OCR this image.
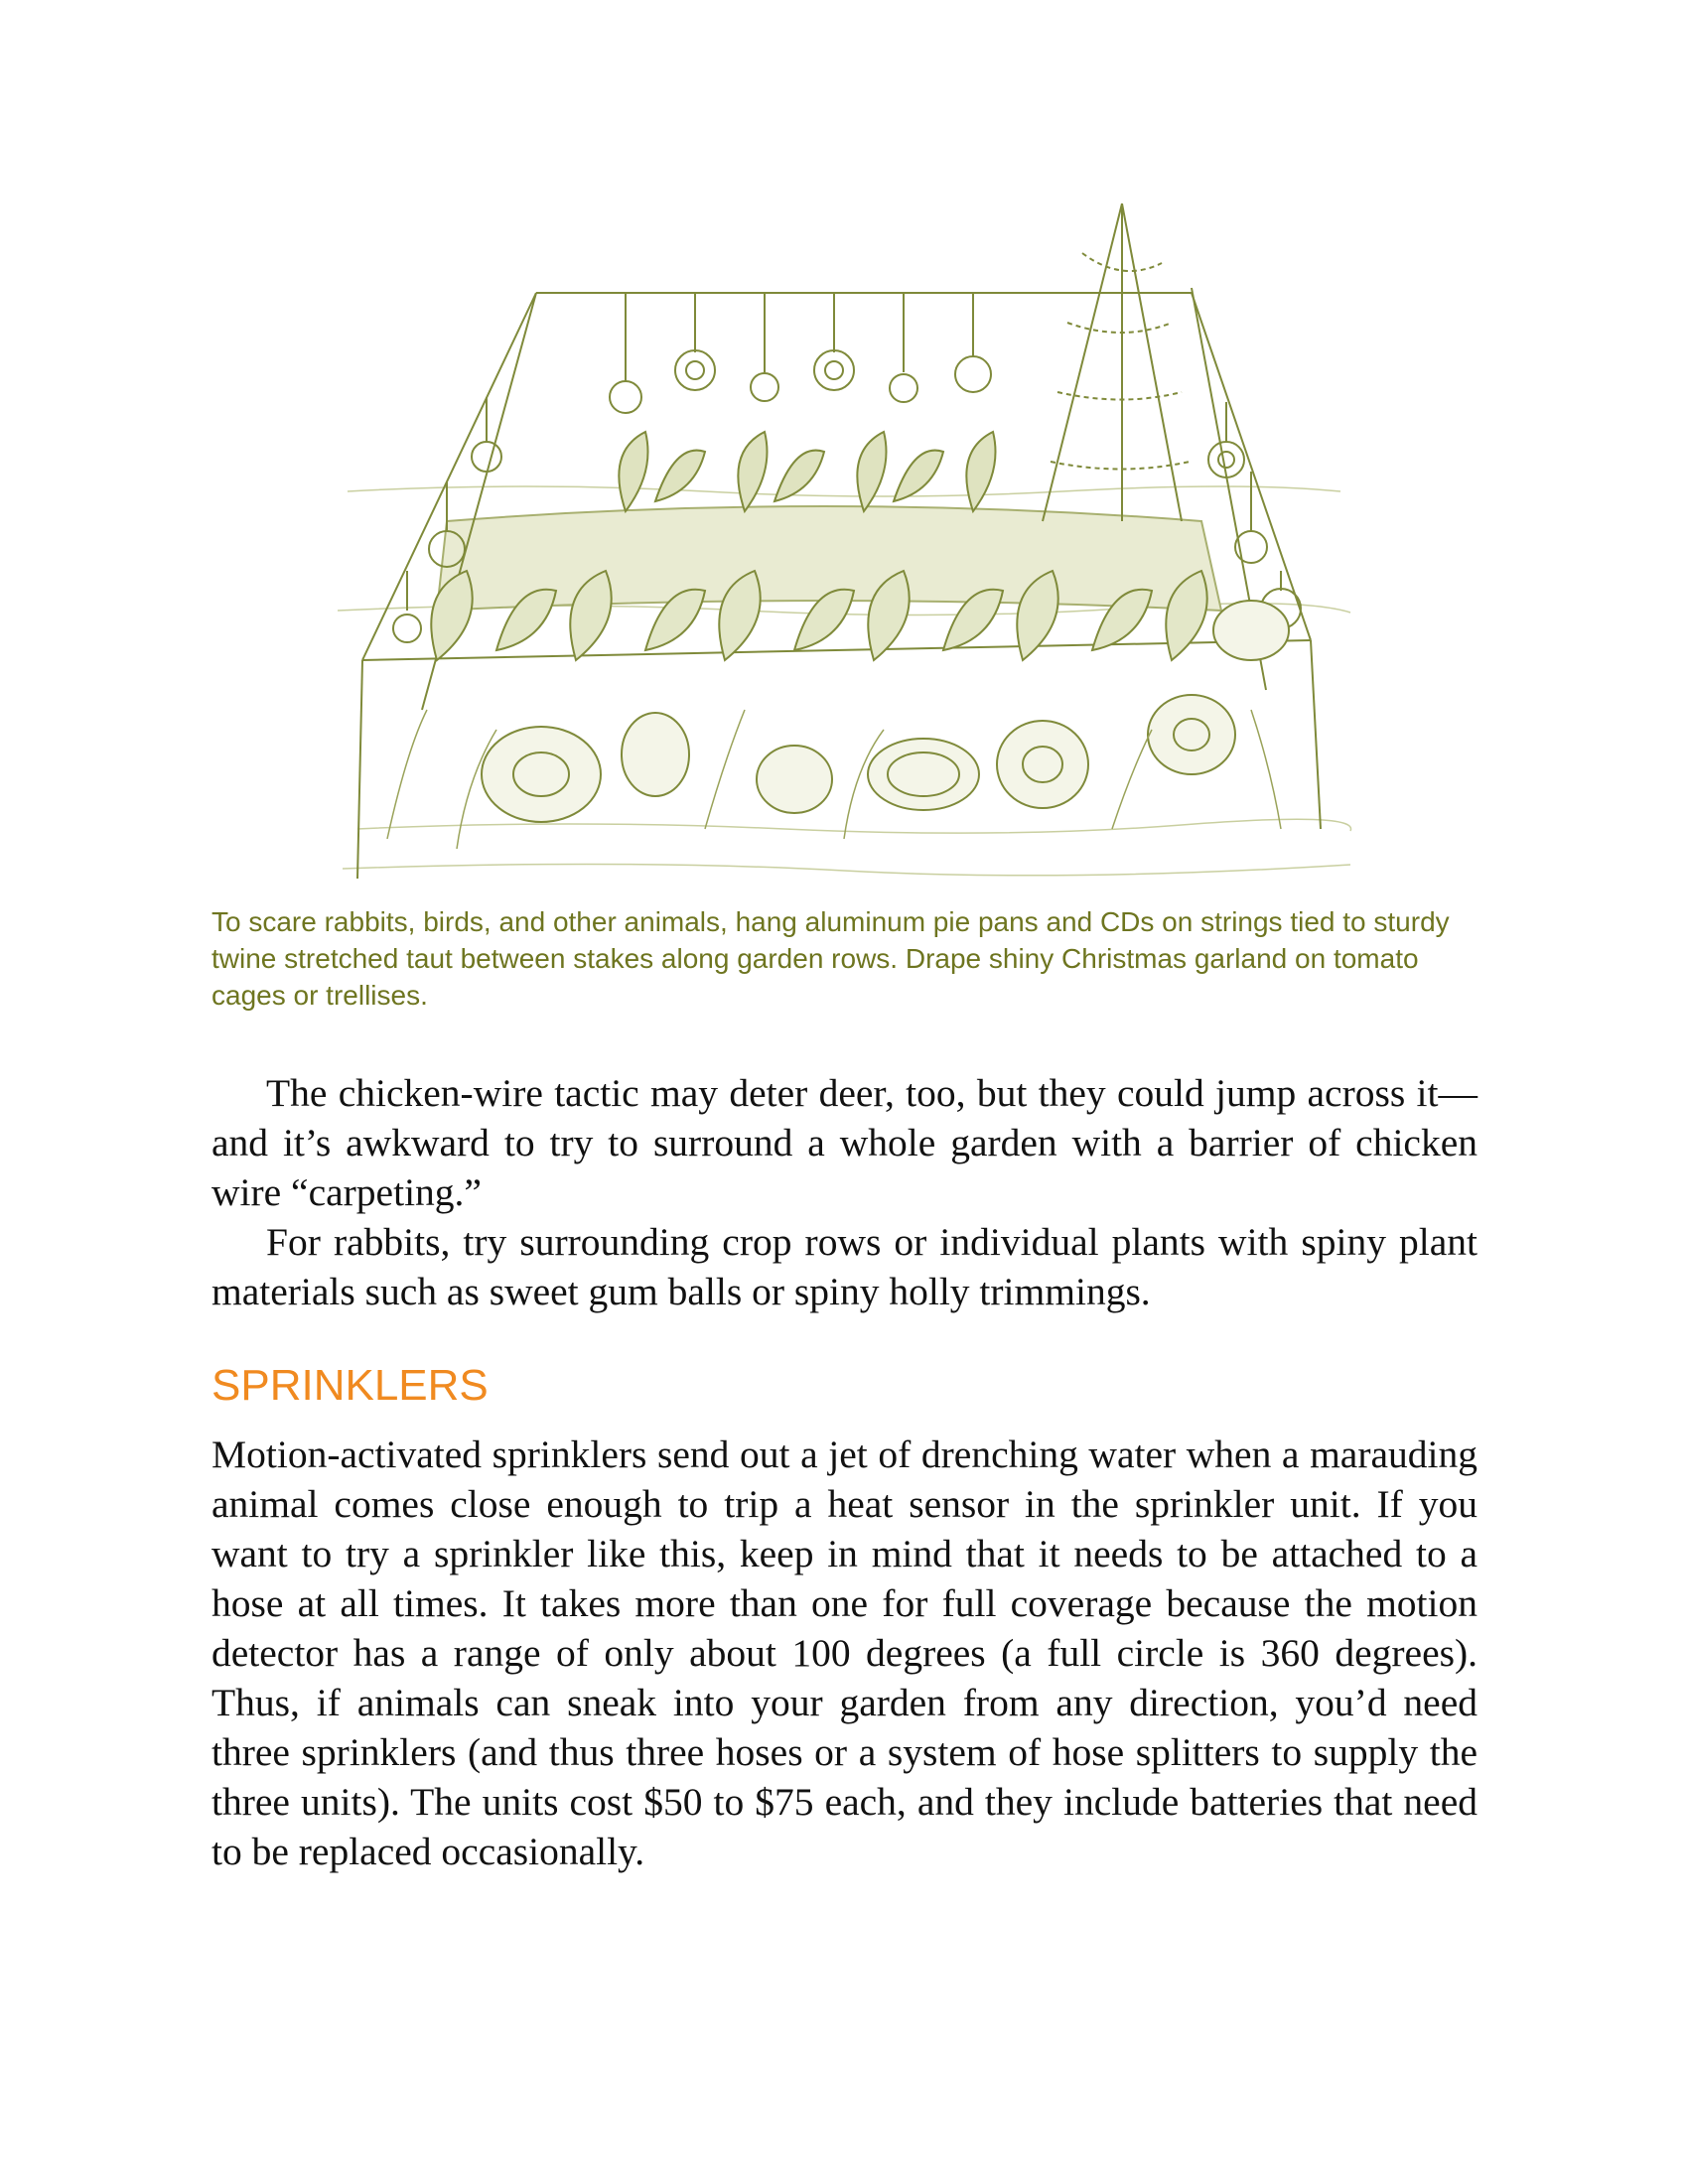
To scare rabbits, birds, and other animals, hang aluminum pie pans and CDs on strings tied to sturdy twine stretched taut between stakes along garden rows. Drape shiny Christmas garland on tomato cages or trellises.

The chicken-wire tactic may deter deer, too, but they could jump across it—and it’s awkward to try to surround a whole garden with a barrier of chicken wire “carpeting.”

For rabbits, try surrounding crop rows or individual plants with spiny plant materials such as sweet gum balls or spiny holly trimmings.

SPRINKLERS

Motion-activated sprinklers send out a jet of drenching water when a marauding animal comes close enough to trip a heat sensor in the sprinkler unit. If you want to try a sprinkler like this, keep in mind that it needs to be attached to a hose at all times. It takes more than one for full coverage because the motion detector has a range of only about 100 degrees (a full circle is 360 degrees). Thus, if animals can sneak into your garden from any direction, you’d need three sprinklers (and thus three hoses or a system of hose splitters to supply the three units). The units cost $50 to $75 each, and they include batteries that need to be replaced occasionally.
